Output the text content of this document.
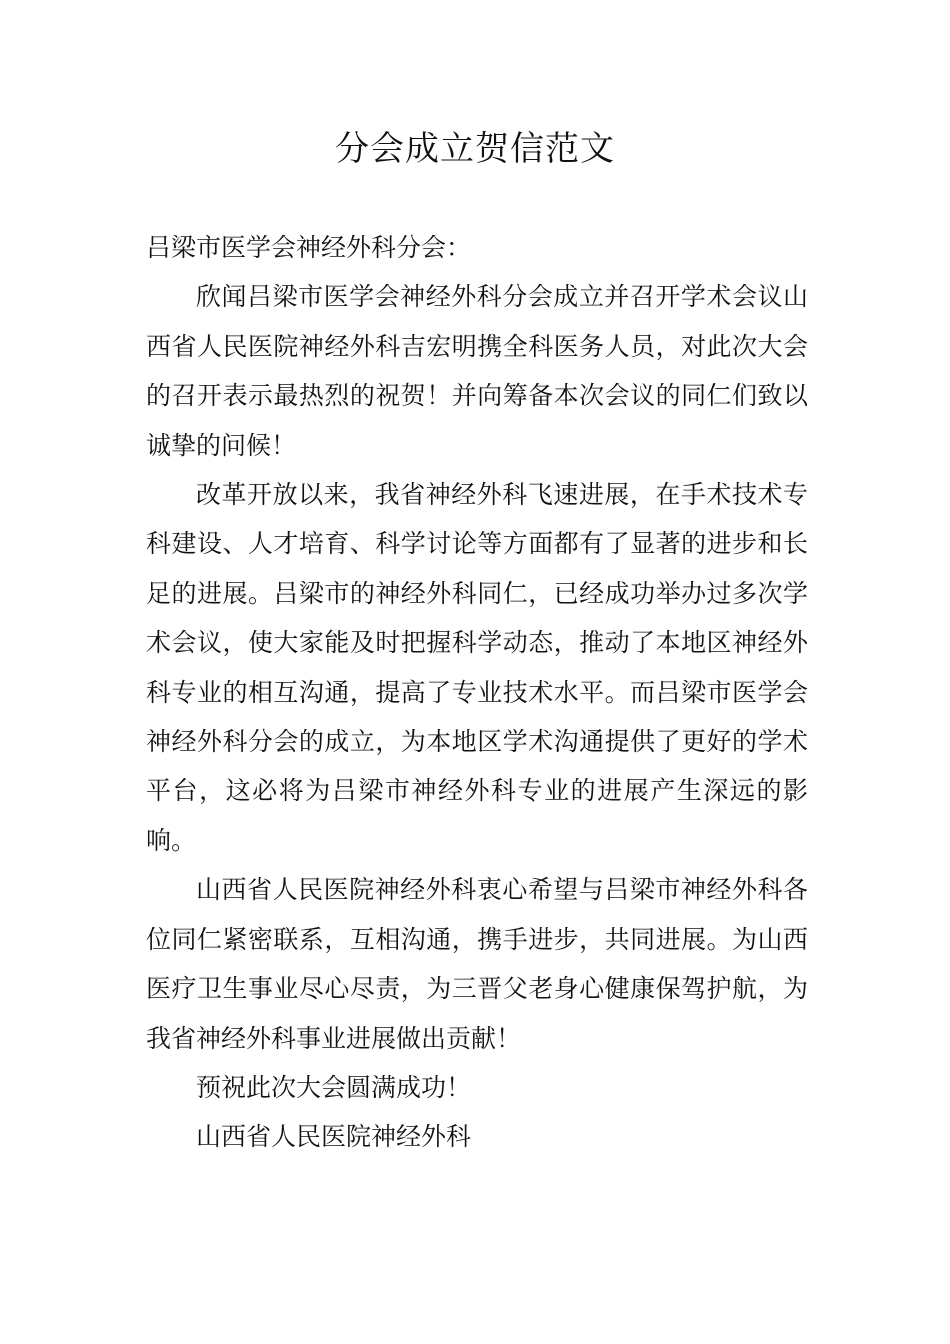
分会成立贺信范文

吕梁市医学会神经外科分会：

欣闻吕梁市医学会神经外科分会成立并召开学术会议山西省人民医院神经外科吉宏明携全科医务人员，对此次大会的召开表示最热烈的祝贺！并向筹备本次会议的同仁们致以诚挚的问候！

改革开放以来，我省神经外科飞速进展，在手术技术专科建设、人才培育、科学讨论等方面都有了显著的进步和长足的进展。吕梁市的神经外科同仁，已经成功举办过多次学术会议，使大家能及时把握科学动态，推动了本地区神经外科专业的相互沟通，提高了专业技术水平。而吕梁市医学会神经外科分会的成立，为本地区学术沟通提供了更好的学术平台，这必将为吕梁市神经外科专业的进展产生深远的影响。

山西省人民医院神经外科衷心希望与吕梁市神经外科各位同仁紧密联系，互相沟通，携手进步，共同进展。为山西医疗卫生事业尽心尽责，为三晋父老身心健康保驾护航，为我省神经外科事业进展做出贡献！

预祝此次大会圆满成功！

山西省人民医院神经外科
